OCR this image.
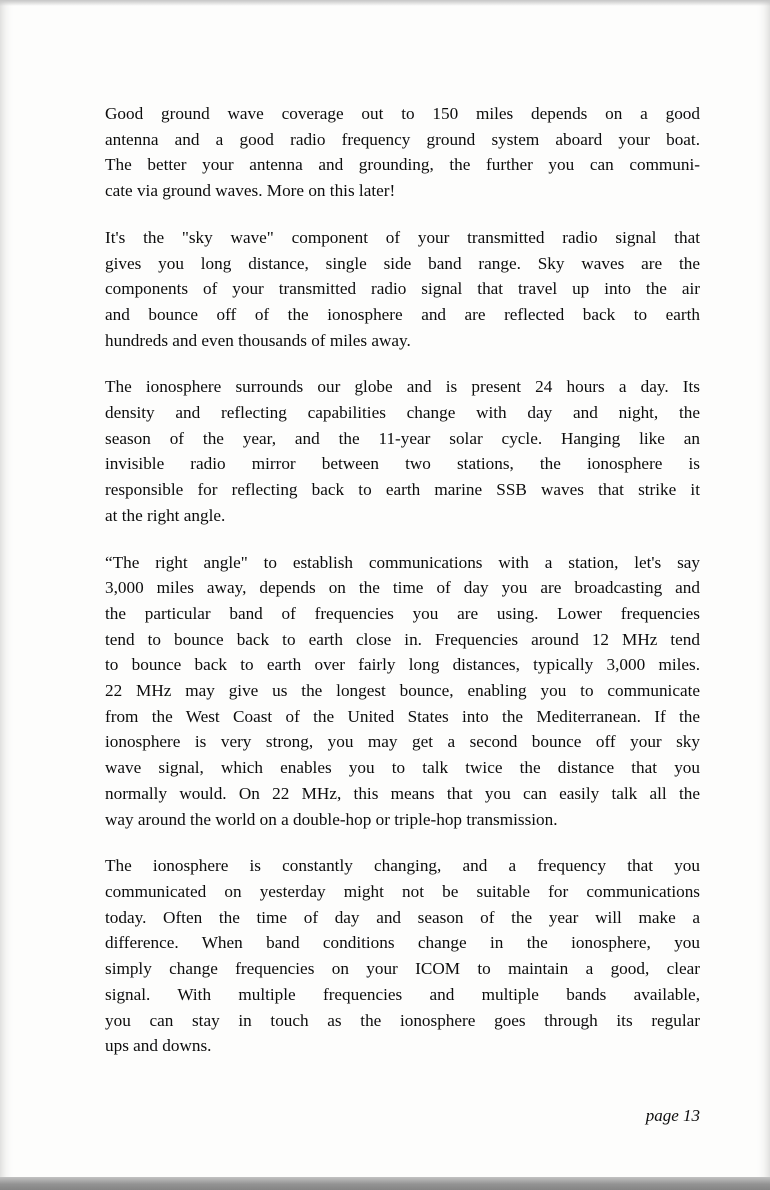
Good ground wave coverage out to 150 miles depends on a good
antenna and a good radio frequency ground system aboard your boat.
The better your antenna and grounding, the further you can communi-
cate via ground waves. More on this later!
It's the "sky wave" component of your transmitted radio signal that
gives you long distance, single side band range. Sky waves are the
components of your transmitted radio signal that travel up into the air
and bounce off of the ionosphere and are reflected back to earth
hundreds and even thousands of miles away.
The ionosphere surrounds our globe and is present 24 hours a day. Its
density and reflecting capabilities change with day and night, the
season of the year, and the 11-year solar cycle. Hanging like an
invisible radio mirror between two stations, the ionosphere is
responsible for reflecting back to earth marine SSB waves that strike it
at the right angle.
“The right angle" to establish communications with a station, let's say
3,000 miles away, depends on the time of day you are broadcasting and
the particular band of frequencies you are using. Lower frequencies
tend to bounce back to earth close in. Frequencies around 12 MHz tend
to bounce back to earth over fairly long distances, typically 3,000 miles.
22 MHz may give us the longest bounce, enabling you to communicate
from the West Coast of the United States into the Mediterranean. If the
ionosphere is very strong, you may get a second bounce off your sky
wave signal, which enables you to talk twice the distance that you
normally would. On 22 MHz, this means that you can easily talk all the
way around the world on a double-hop or triple-hop transmission.
The ionosphere is constantly changing, and a frequency that you
communicated on yesterday might not be suitable for communications
today. Often the time of day and season of the year will make a
difference. When band conditions change in the ionosphere, you
simply change frequencies on your ICOM to maintain a good, clear
signal. With multiple frequencies and multiple bands available,
you can stay in touch as the ionosphere goes through its regular
ups and downs.
page 13
